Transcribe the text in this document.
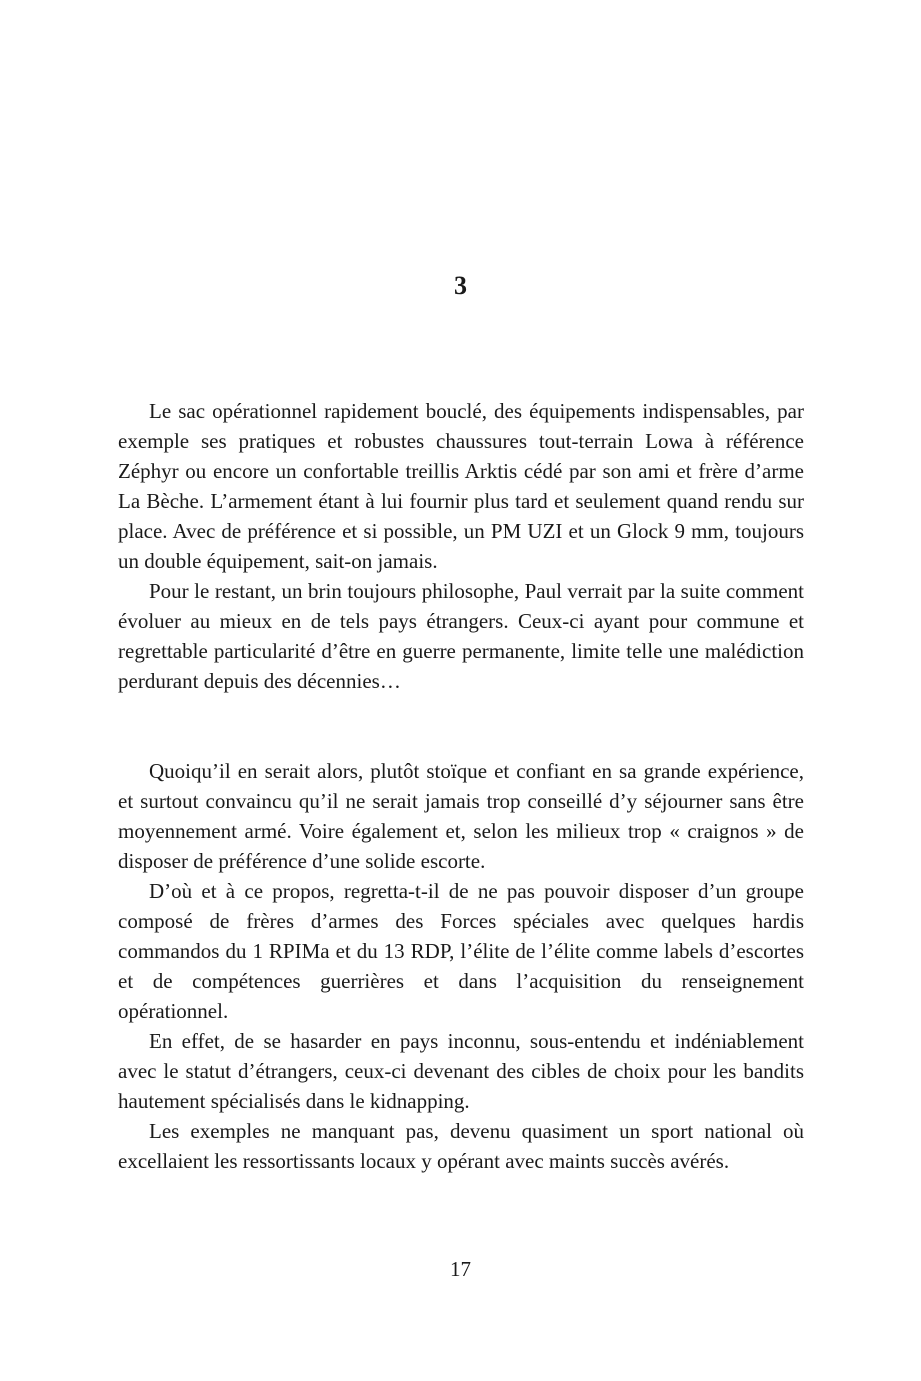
3

Le sac opérationnel rapidement bouclé, des équipements indispensables, par exemple ses pratiques et robustes chaussures tout-terrain Lowa à référence Zéphyr ou encore un confortable treillis Arktis cédé par son ami et frère d’arme La Bèche. L’armement étant à lui fournir plus tard et seulement quand rendu sur place. Avec de préférence et si possible, un PM UZI et un Glock 9 mm, toujours un double équipement, sait-on jamais.

Pour le restant, un brin toujours philosophe, Paul verrait par la suite comment évoluer au mieux en de tels pays étrangers. Ceux-ci ayant pour commune et regrettable particularité d’être en guerre permanente, limite telle une malédiction perdurant depuis des décennies…

Quoiqu’il en serait alors, plutôt stoïque et confiant en sa grande expérience, et surtout convaincu qu’il ne serait jamais trop conseillé d’y séjourner sans être moyennement armé. Voire également et, selon les milieux trop « craignos » de disposer de préférence d’une solide escorte.

D’où et à ce propos, regretta-t-il de ne pas pouvoir disposer d’un groupe composé de frères d’armes des Forces spéciales avec quelques hardis commandos du 1 RPIMa et du 13 RDP, l’élite de l’élite comme labels d’escortes et de compétences guerrières et dans l’acquisition du renseignement opérationnel.

En effet, de se hasarder en pays inconnu, sous-entendu et indéniablement avec le statut d’étrangers, ceux-ci devenant des cibles de choix pour les bandits hautement spécialisés dans le kidnapping.

Les exemples ne manquant pas, devenu quasiment un sport national où excellaient les ressortissants locaux y opérant avec maints succès avérés.

17
